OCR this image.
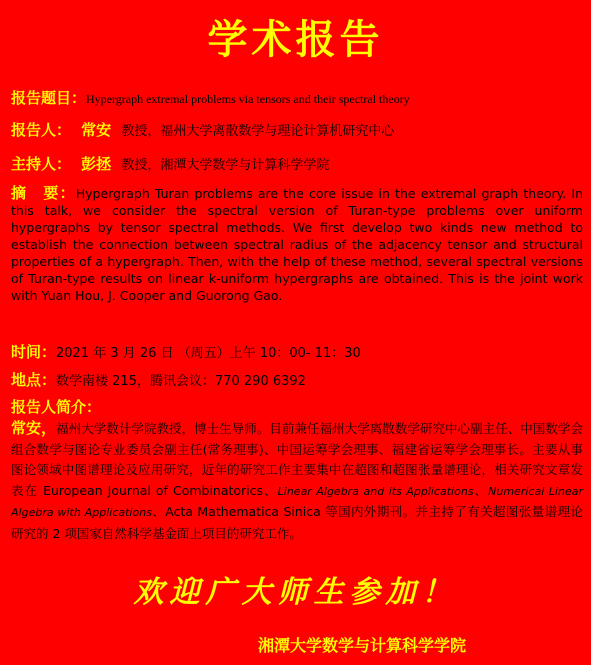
学术报告
报告题目：Hypergraph extremal problems via tensors and their spectral theory
报告人： 常安 教授，福州大学离散数学与理论计算机研究中心
主持人： 彭拯 教授，湘潭大学数学与计算科学学院
摘　要：Hypergraph Turan problems are the core issue in the extremal graph theory. In this talk, we consider the spectral version of Turan-type problems over uniform hypergraphs by tensor spectral methods. We first develop two kinds new method to establish the connection between spectral radius of the adjacency tensor and structural properties of a hypergraph. Then, with the help of these method, several spectral versions of Turan-type results on linear k-uniform hypergraphs are obtained. This is the joint work with Yuan Hou, J. Cooper and Guorong Gao.
时间：2021 年 3 月 26 日 （周五）上午 10：00- 11：30
地点：数学南楼 215，腾讯会议：770 290 6392
报告人简介：
常安，福州大学数计学院教授，博士生导师。目前兼任福州大学离散数学研究中心副主任、中国数学会组合数学与图论专业委员会副主任(常务理事)、中国运筹学会理事、福建省运筹学会理事长。主要从事图论领域中图谱理论及应用研究，近年的研究工作主要集中在超图和超图张量谱理论，相关研究文章发表在 European Journal of Combinatorics、Linear Algebra and its Applications、Numerical Linear Algebra with Applications、Acta Mathematica Sinica 等国内外期刊。并主持了有关超图张量谱理论研究的 2 项国家自然科学基金面上项目的研究工作。
欢迎广大师生参加！
湘潭大学数学与计算科学学院
